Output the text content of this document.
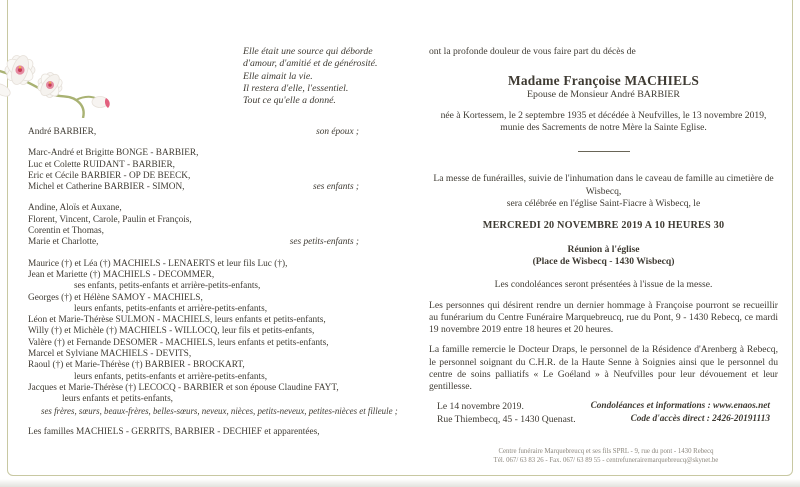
Elle était une source qui déborde
d'amour, d'amitié et de générosité.
Elle aimait la vie.
Il restera d'elle, l'essentiel.
Tout ce qu'elle a donné.
André BARBIER,	son époux ;
Marc-André et Brigitte BONGE - BARBIER,
Luc et Colette RUIDANT - BARBIER,
Eric et Cécile BARBIER - OP DE BEECK,
Michel et Catherine BARBIER - SIMON,	ses enfants ;
Andine, Aloïs et Auxane,
Florent, Vincent, Carole, Paulin et François,
Corentin et Thomas,
Marie et Charlotte,	ses petits-enfants ;
Maurice (†) et Léa (†) MACHIELS - LENAERTS et leur fils Luc (†),
Jean et Mariette (†) MACHIELS - DECOMMER,
ses enfants, petits-enfants et arrière-petits-enfants,
Georges (†) et Hélène SAMOY - MACHIELS,
leurs enfants, petits-enfants et arrière-petits-enfants,
Léon et Marie-Thérèse SULMON - MACHIELS, leurs enfants et petits-enfants,
Willy (†) et Michèle (†) MACHIELS - WILLOCQ, leur fils et petits-enfants,
Valère (†) et Fernande DESOMER - MACHIELS, leurs enfants et petits-enfants,
Marcel et Sylviane MACHIELS - DEVITS,
Raoul (†) et Marie-Thérèse (†) BARBIER - BROCKART,
leurs enfants, petits-enfants et arrière-petits-enfants,
Jacques et Marie-Thérèse (†) LECOCQ - BARBIER et son épouse Claudine FAYT,
leurs enfants et petits-enfants,
ses frères, sœurs, beaux-frères, belles-sœurs, neveux, nièces, petits-neveux, petites-nièces et filleule ;
Les familles MACHIELS - GERRITS, BARBIER - DECHIEF et apparentées,

ont la profonde douleur de vous faire part du décès de

Madame Françoise MACHIELS

Epouse de Monsieur André BARBIER

née à Kortessem, le 2 septembre 1935 et décédée à Neufvilles, le 13 novembre 2019,

munie des Sacrements de notre Mère la Sainte Eglise.

La messe de funérailles, suivie de l'inhumation dans le caveau de famille au cimetière de Wisbecq,

sera célébrée en l'église Saint-Fiacre à Wisbecq, le

MERCREDI 20 NOVEMBRE 2019 A 10 HEURES 30

Réunion à l'église

(Place de Wisbecq - 1430 Wisbecq)

Les condoléances seront présentées à l'issue de la messe.

Les personnes qui désirent rendre un dernier hommage à Françoise pourront se recueillir au funérarium du Centre Funéraire Marquebreucq, rue du Pont, 9 - 1430 Rebecq, ce mardi 19 novembre 2019 entre 18 heures et 20 heures.

La famille remercie le Docteur Draps, le personnel de la Résidence d'Arenberg à Rebecq, le personnel soignant du C.H.R. de la Haute Senne à Soignies ainsi que le personnel du centre de soins palliatifs « Le Goéland » à Neufvilles pour leur dévouement et leur gentillesse.

Le 14 novembre 2019.
Rue Thiembecq, 45 - 1430 Quenast.
Condoléances et informations : www.enaos.net
Code d'accès direct : 2426-20191113
Centre funéraire Marquebreucq et ses fils SPRL - 9, rue du pont - 1430 Rebecq
Tél. 067/ 63 83 26 - Fax. 067/ 63 89 55 - centrefunerairemarquebreucq@skynet.be
